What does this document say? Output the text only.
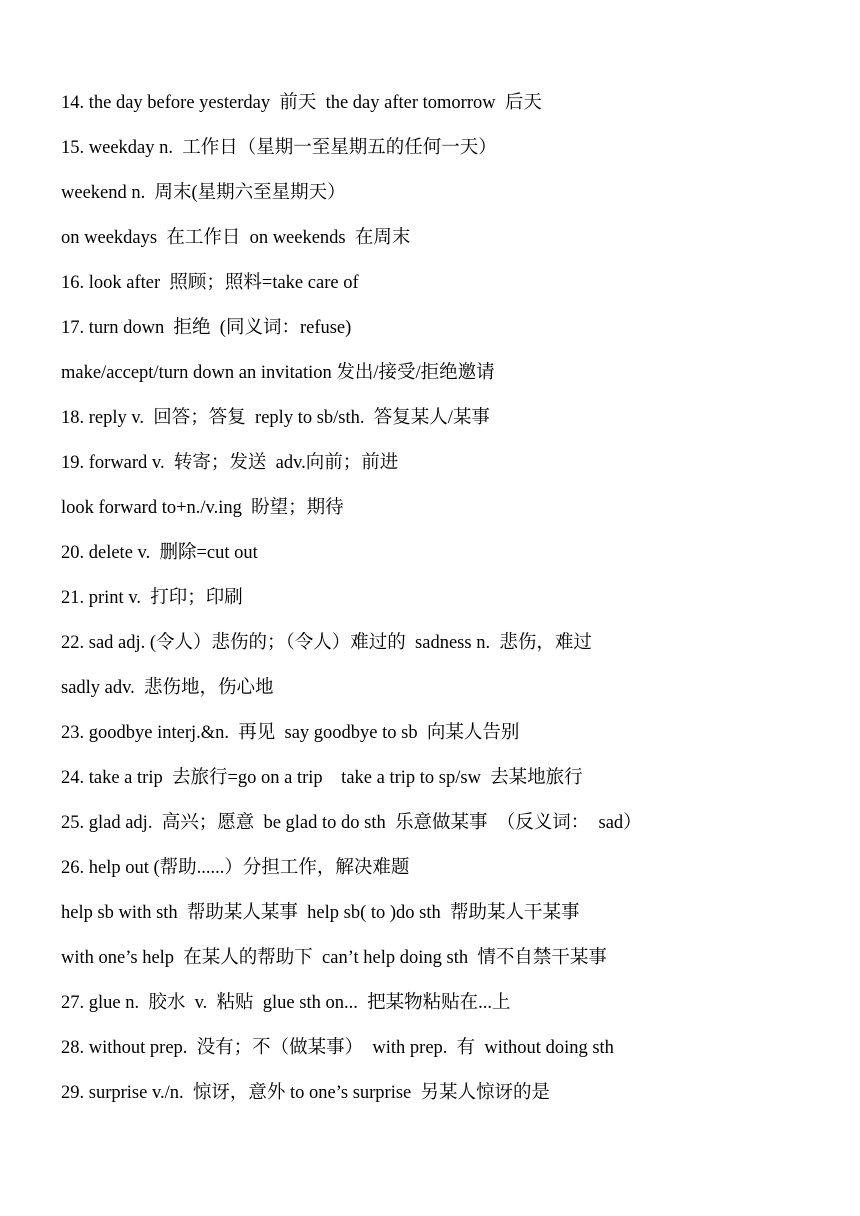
14. the day before yesterday  前天  the day after tomorrow  后天
15. weekday n.  工作日（星期一至星期五的任何一天）
weekend n.  周末(星期六至星期天）
on weekdays  在工作日  on weekends  在周末
16. look after  照顾；照料=take care of
17. turn down  拒绝  (同义词：refuse)
make/accept/turn down an invitation 发出/接受/拒绝邀请
18. reply v.  回答；答复  reply to sb/sth.  答复某人/某事
19. forward v.  转寄；发送  adv.向前；前进
look forward to+n./v.ing  盼望；期待
20. delete v.  删除=cut out
21. print v.  打印；印刷
22. sad adj. (令人）悲伤的；（令人）难过的  sadness n.  悲伤，难过
sadly adv.  悲伤地，伤心地
23. goodbye interj.&n.  再见  say goodbye to sb  向某人告别
24. take a trip  去旅行=go on a trip    take a trip to sp/sw  去某地旅行
25. glad adj.  高兴；愿意  be glad to do sth  乐意做某事  （反义词：  sad）
26. help out (帮助......）分担工作，解决难题
help sb with sth  帮助某人某事  help sb( to )do sth  帮助某人干某事
with one’s help  在某人的帮助下  can’t help doing sth  情不自禁干某事
27. glue n.  胶水  v.  粘贴  glue sth on...  把某物粘贴在...上
28. without prep.  没有；不（做某事）  with prep.  有  without doing sth
29. surprise v./n.  惊讶，意外 to one’s surprise  另某人惊讶的是
